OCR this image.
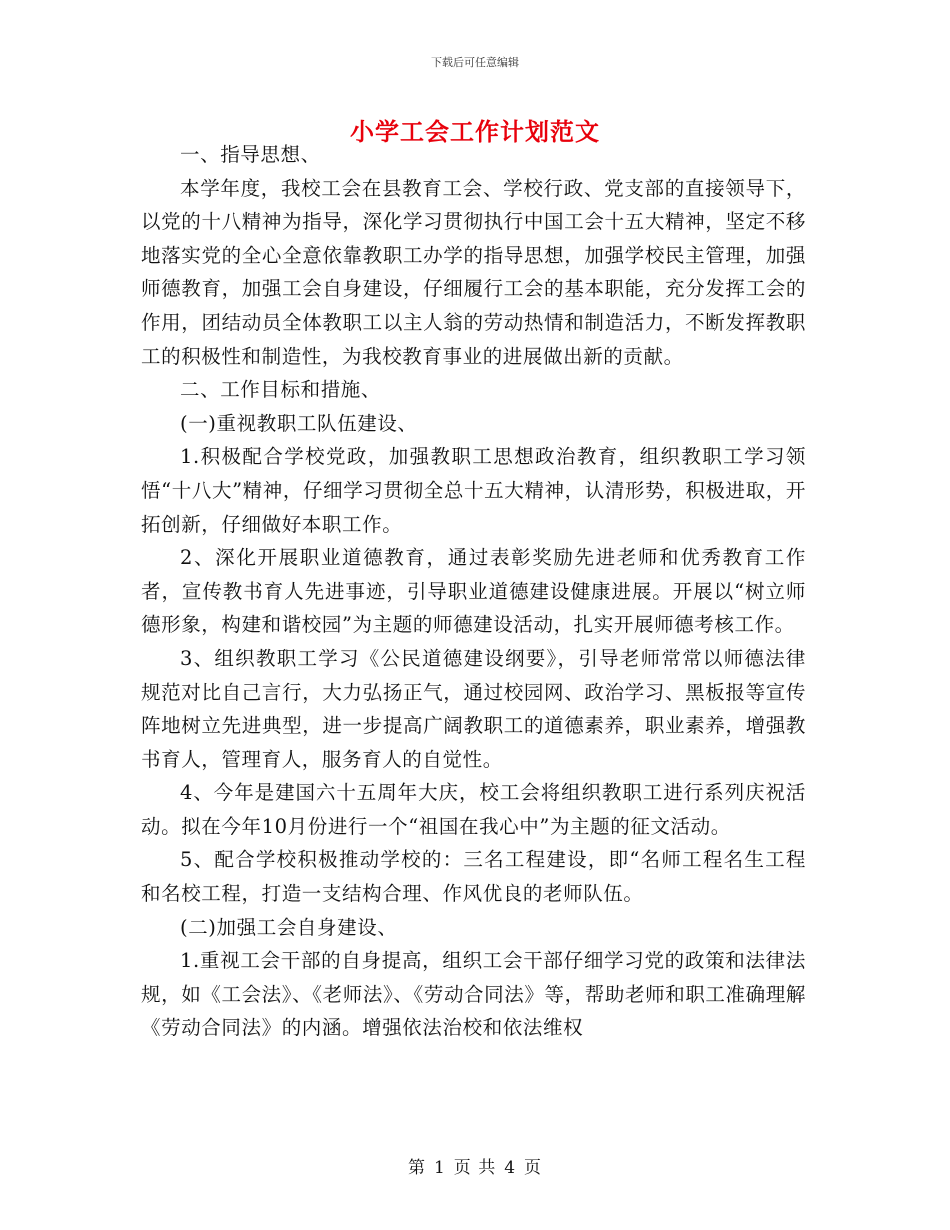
下载后可任意编辑
小学工会工作计划范文

一、指导思想、

本学年度，我校工会在县教育工会、学校行政、党支部的直接领导下，以党的十八精神为指导，深化学习贯彻执行中国工会十五大精神，坚定不移地落实党的全心全意依靠教职工办学的指导思想，加强学校民主管理，加强师德教育，加强工会自身建设，仔细履行工会的基本职能，充分发挥工会的作用，团结动员全体教职工以主人翁的劳动热情和制造活力，不断发挥教职工的积极性和制造性，为我校教育事业的进展做出新的贡献。

二、工作目标和措施、

(一)重视教职工队伍建设、

1.积极配合学校党政，加强教职工思想政治教育，组织教职工学习领悟“十八大”精神，仔细学习贯彻全总十五大精神，认清形势，积极进取，开拓创新，仔细做好本职工作。

2、深化开展职业道德教育，通过表彰奖励先进老师和优秀教育工作者，宣传教书育人先进事迹，引导职业道德建设健康进展。开展以“树立师德形象，构建和谐校园”为主题的师德建设活动，扎实开展师德考核工作。

3、组织教职工学习《公民道德建设纲要》，引导老师常常以师德法律规范对比自己言行，大力弘扬正气，通过校园网、政治学习、黑板报等宣传阵地树立先进典型，进一步提高广阔教职工的道德素养，职业素养，增强教书育人，管理育人，服务育人的自觉性。

4、今年是建国六十五周年大庆，校工会将组织教职工进行系列庆祝活动。拟在今年10月份进行一个“祖国在我心中”为主题的征文活动。

5、配合学校积极推动学校的：三名工程建设，即“名师工程名生工程和名校工程，打造一支结构合理、作风优良的老师队伍。

(二)加强工会自身建设、

1.重视工会干部的自身提高，组织工会干部仔细学习党的政策和法律法规，如《工会法》、《老师法》、《劳动合同法》等，帮助老师和职工准确理解《劳动合同法》的内涵。增强依法治校和依法维权

第 1 页 共 4 页
